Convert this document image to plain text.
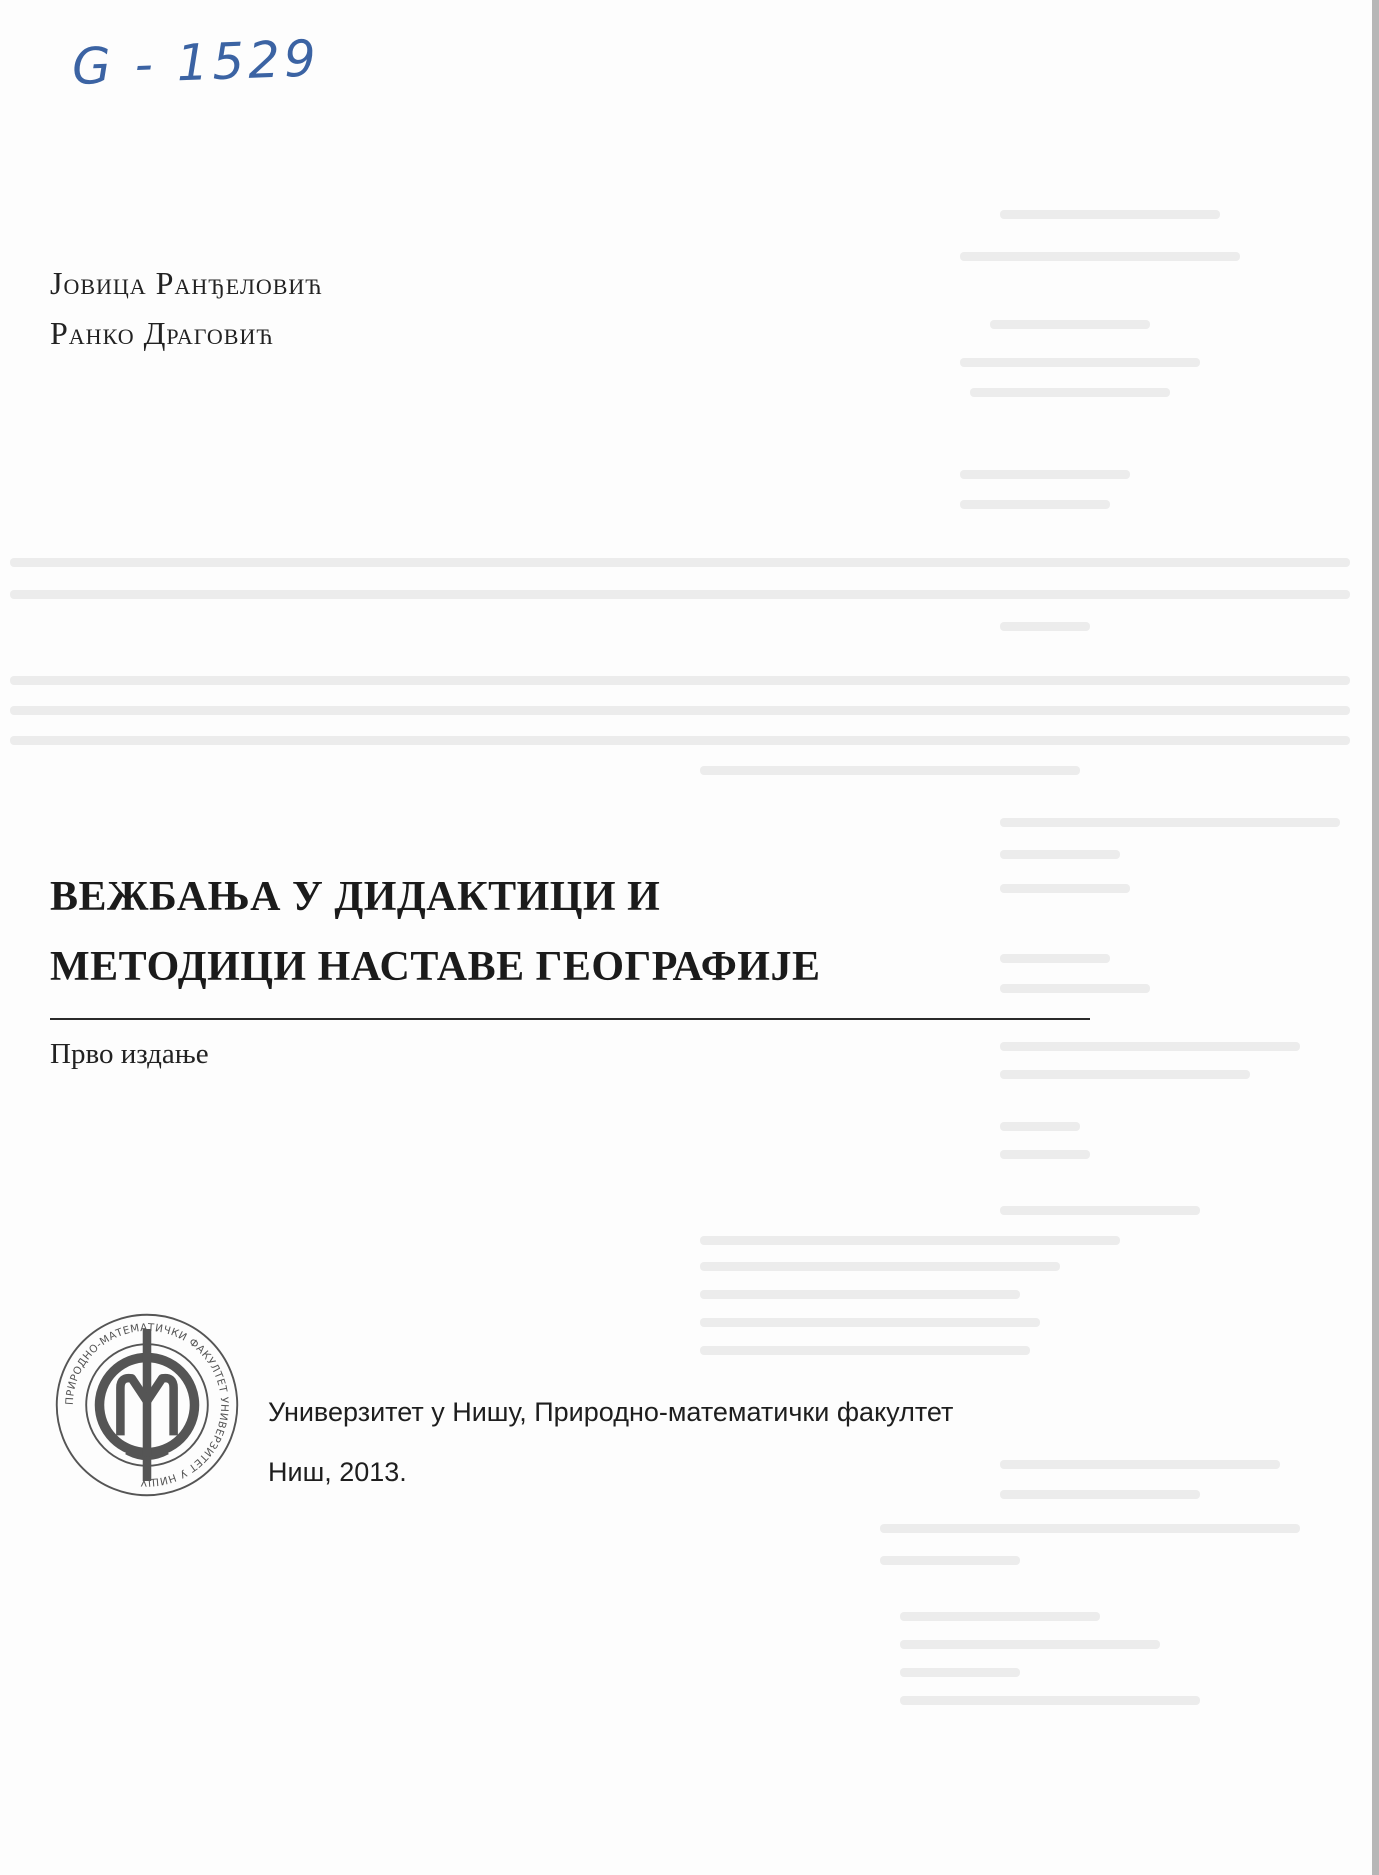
G - 1529
Јовица Ранђеловић
Ранко Драговић
ВЕЖБАЊА У ДИДАКТИЦИ И
МЕТОДИЦИ НАСТАВЕ ГЕОГРАФИЈЕ
Прво издање
ПРИРОДНО-МАТЕМАТИЧКИ ФАКУЛТЕТ УНИВЕРЗИТЕТ У НИШУ
Универзитет у Нишу, Природно-математички факултет
Ниш, 2013.
